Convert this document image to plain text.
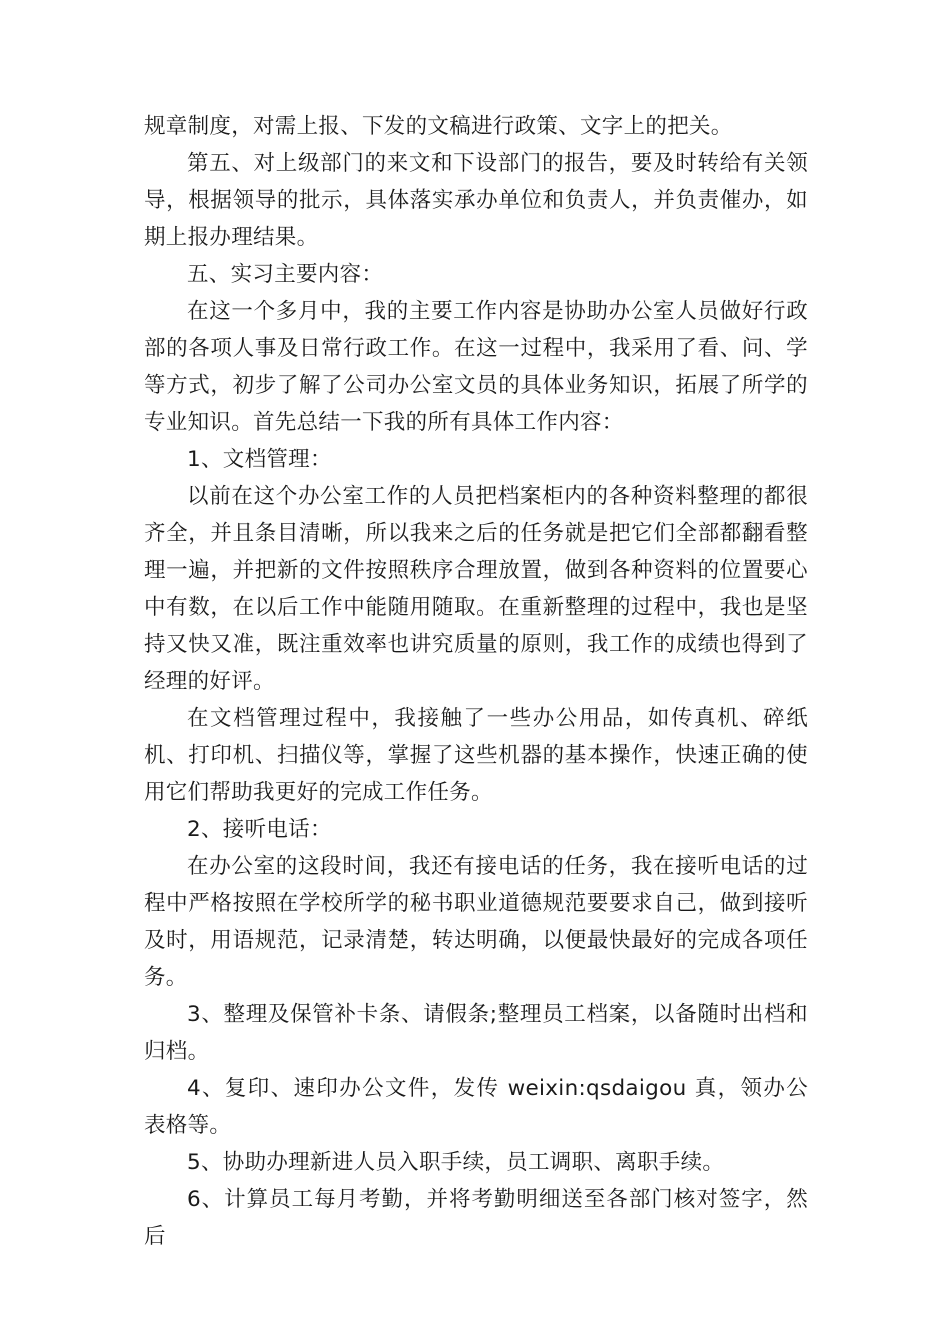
规章制度，对需上报、下发的文稿进行政策、文字上的把关。

第五、对上级部门的来文和下设部门的报告，要及时转给有关领导，根据领导的批示，具体落实承办单位和负责人，并负责催办，如期上报办理结果。

五、实习主要内容：

在这一个多月中，我的主要工作内容是协助办公室人员做好行政部的各项人事及日常行政工作。在这一过程中，我采用了看、问、学等方式，初步了解了公司办公室文员的具体业务知识，拓展了所学的专业知识。首先总结一下我的所有具体工作内容：

1、文档管理：

以前在这个办公室工作的人员把档案柜内的各种资料整理的都很齐全，并且条目清晰，所以我来之后的任务就是把它们全部都翻看整理一遍，并把新的文件按照秩序合理放置，做到各种资料的位置要心中有数，在以后工作中能随用随取。在重新整理的过程中，我也是坚持又快又准，既注重效率也讲究质量的原则，我工作的成绩也得到了经理的好评。

在文档管理过程中，我接触了一些办公用品，如传真机、碎纸机、打印机、扫描仪等，掌握了这些机器的基本操作，快速正确的使用它们帮助我更好的完成工作任务。

2、接听电话：

在办公室的这段时间，我还有接电话的任务，我在接听电话的过程中严格按照在学校所学的秘书职业道德规范要要求自己，做到接听及时，用语规范，记录清楚，转达明确，以便最快最好的完成各项任务。

3、整理及保管补卡条、请假条;整理员工档案，以备随时出档和归档。

4、复印、速印办公文件，发传 weixin:qsdaigou 真，领办公表格等。

5、协助办理新进人员入职手续，员工调职、离职手续。

6、计算员工每月考勤，并将考勤明细送至各部门核对签字，然后
